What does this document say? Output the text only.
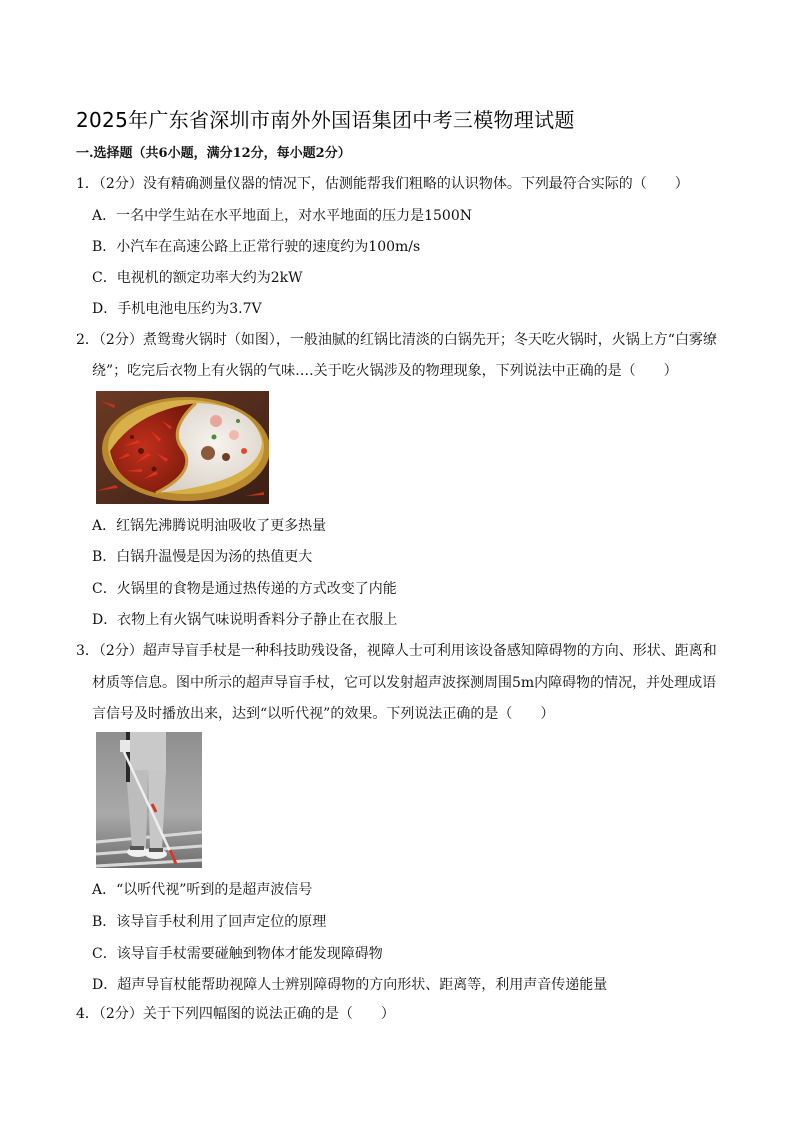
2025年广东省深圳市南外外国语集团中考三模物理试题
一.选择题（共6小题，满分12分，每小题2分）
1．（2分）没有精确测量仪器的情况下，估测能帮我们粗略的认识物体。下列最符合实际的（　　）
A．一名中学生站在水平地面上，对水平地面的压力是1500N
B．小汽车在高速公路上正常行驶的速度约为100m/s
C．电视机的额定功率大约为2kW
D．手机电池电压约为3.7V
2．（2分）煮鸳鸯火锅时（如图），一般油腻的红锅比清淡的白锅先开；冬天吃火锅时，火锅上方“白雾缭
绕”；吃完后衣物上有火锅的气味….关于吃火锅涉及的物理现象，下列说法中正确的是（　　）
A．红锅先沸腾说明油吸收了更多热量
B．白锅升温慢是因为汤的热值更大
C．火锅里的食物是通过热传递的方式改变了内能
D．衣物上有火锅气味说明香料分子静止在衣服上
3．（2分）超声导盲手杖是一种科技助残设备，视障人士可利用该设备感知障碍物的方向、形状、距离和
材质等信息。图中所示的超声导盲手杖，它可以发射超声波探测周围5m内障碍物的情况，并处理成语
言信号及时播放出来，达到“以听代视”的效果。下列说法正确的是（　　）
A．“以听代视”听到的是超声波信号
B．该导盲手杖利用了回声定位的原理
C．该导盲手杖需要碰触到物体才能发现障碍物
D．超声导盲杖能帮助视障人士辨别障碍物的方向形状、距离等，利用声音传递能量
4．（2分）关于下列四幅图的说法正确的是（　　）
